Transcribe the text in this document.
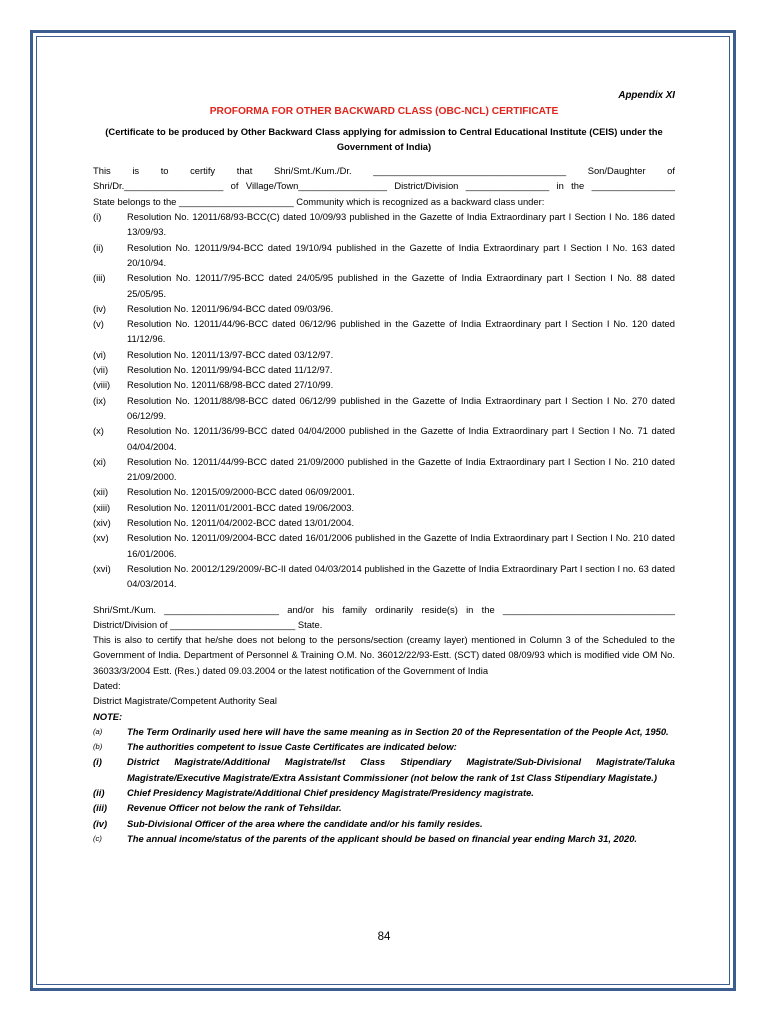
Appendix XI

PROFORMA FOR OTHER BACKWARD CLASS (OBC-NCL) CERTIFICATE

(Certificate to be produced by Other Backward Class applying for admission to Central Educational Institute (CEIS) under the Government of India)

This is to certify that Shri/Smt./Kum./Dr. _____________________________________ Son/Daughter of

Shri/Dr.___________________ of Village/Town_________________ District/Division ________________ in the ________________

State belongs to the ______________________ Community which is recognized as a backward class under:

(i)	Resolution No. 12011/68/93-BCC(C) dated 10/09/93 published in the Gazette of India Extraordinary part I Section I No. 186 dated 13/09/93.
(ii)	Resolution No. 12011/9/94-BCC dated 19/10/94 published in the Gazette of India Extraordinary part I Section I No. 163 dated 20/10/94.
(iii)	Resolution No. 12011/7/95-BCC dated 24/05/95 published in the Gazette of India Extraordinary part I Section I No. 88 dated 25/05/95.
(iv)	Resolution No. 12011/96/94-BCC dated 09/03/96.
(v)	Resolution No. 12011/44/96-BCC dated 06/12/96 published in the Gazette of India Extraordinary part I Section I No. 120 dated 11/12/96.
(vi)	Resolution No. 12011/13/97-BCC dated 03/12/97.
(vii)	Resolution No. 12011/99/94-BCC dated 11/12/97.
(viii)	Resolution No. 12011/68/98-BCC dated 27/10/99.
(ix)	Resolution No. 12011/88/98-BCC dated 06/12/99 published in the Gazette of India Extraordinary part I Section I No. 270 dated 06/12/99.
(x)	Resolution No. 12011/36/99-BCC dated 04/04/2000 published in the Gazette of India Extraordinary part I Section I No. 71 dated 04/04/2004.
(xi)	Resolution No. 12011/44/99-BCC dated 21/09/2000 published in the Gazette of India Extraordinary part I Section I No. 210 dated 21/09/2000.
(xii)	Resolution No. 12015/09/2000-BCC dated 06/09/2001.
(xiii)	Resolution No. 12011/01/2001-BCC dated 19/06/2003.
(xiv)	Resolution No. 12011/04/2002-BCC dated 13/01/2004.
(xv)	Resolution No. 12011/09/2004-BCC dated 16/01/2006 published in the Gazette of India Extraordinary part I Section I No. 210 dated 16/01/2006.
(xvi)	Resolution No. 20012/129/2009/-BC-II dated 04/03/2014 published in the Gazette of India Extraordinary Part I section I no. 63 dated 04/03/2014.

Shri/Smt./Kum. ______________________ and/or his family ordinarily reside(s) in the _________________________________

District/Division of ________________________ State.

This is also to certify that he/she does not belong to the persons/section (creamy layer) mentioned in Column 3 of the Scheduled to the Government of India. Department of Personnel & Training O.M. No. 36012/22/93-Estt. (SCT) dated 08/09/93 which is modified vide OM No. 36033/3/2004 Estt. (Res.) dated 09.03.2004 or the latest notification of the Government of India

Dated:

District Magistrate/Competent Authority Seal

NOTE:

(a)	The Term Ordinarily used here will have the same meaning as in Section 20 of the Representation of the People Act, 1950.
(b)	The authorities competent to issue Caste Certificates are indicated below:
(i)	District Magistrate/Additional Magistrate/Ist Class Stipendiary Magistrate/Sub-Divisional Magistrate/Taluka Magistrate/Executive Magistrate/Extra Assistant Commissioner (not below the rank of 1st Class Stipendiary Magistate.)
(ii)	Chief Presidency Magistrate/Additional Chief presidency Magistrate/Presidency magistrate.
(iii)	Revenue Officer not below the rank of Tehsildar.
(iv)	Sub-Divisional Officer of the area where the candidate and/or his family resides.
(c)	The annual income/status of the parents of the applicant should be based on financial year ending March 31, 2020.
84
